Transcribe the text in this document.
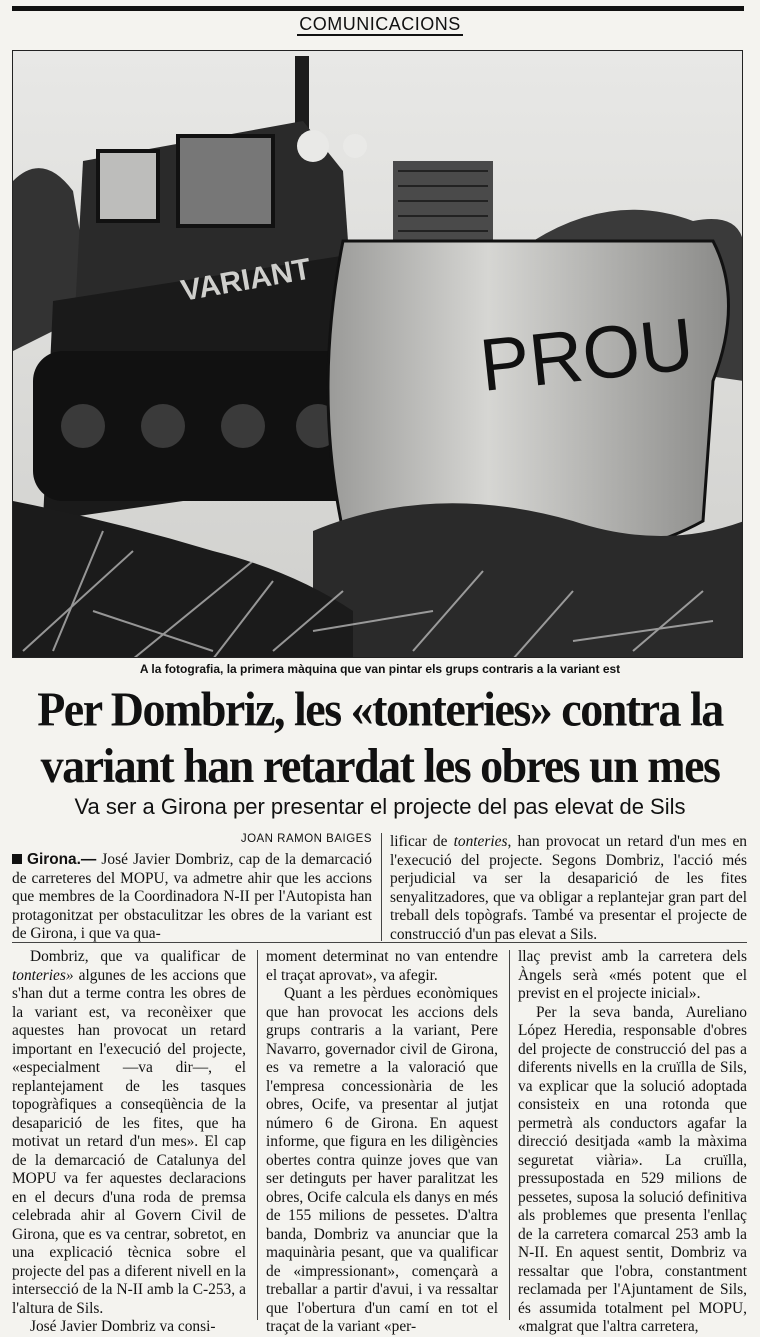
COMUNICACIONS
VARIANT
PROU
A la fotografia, la primera màquina que van pintar els grups contraris a la variant est
Per Dombriz, les «tonteries» contra la
variant han retardat les obres un mes
Va ser a Girona per presentar el projecte del pas elevat de Sils
JOAN RAMON BAIGES

Girona.— José Javier Dombriz, cap de la demarcació de carreteres del MOPU, va admetre ahir que les accions que membres de la Coordinadora N-II per l'Autopista han protagonitzat per obstaculitzar les obres de la variant est de Girona, i que va qua-

lificar de tonteries, han provocat un retard d'un mes en l'execució del projecte. Segons Dombriz, l'acció més perjudicial va ser la desaparició de les fites senyalitzadores, que va obligar a replantejar gran part del treball dels topògrafs. També va presentar el projecte de construcció d'un pas elevat a Sils.

Dombriz, que va qualificar de tonteries» algunes de les accions que s'han dut a terme contra les obres de la variant est, va reconèixer que aquestes han provocat un retard important en l'execució del projecte, «especialment —va dir—, el replantejament de les tasques topogràfiques a conseqüència de la desaparició de les fites, que ha motivat un retard d'un mes». El cap de la demarcació de Catalunya del MOPU va fer aquestes declaracions en el decurs d'una roda de premsa celebrada ahir al Govern Civil de Girona, que es va centrar, sobretot, en una explicació tècnica sobre el projecte del pas a diferent nivell en la intersecció de la N-II amb la C-253, a l'altura de Sils.

José Javier Dombriz va consi-

moment determinat no van entendre el traçat aprovat», va afegir.

Quant a les pèrdues econòmiques que han provocat les accions dels grups contraris a la variant, Pere Navarro, governador civil de Girona, es va remetre a la valoració que l'empresa concessionària de les obres, Ocife, va presentar al jutjat número 6 de Girona. En aquest informe, que figura en les diligències obertes contra quinze joves que van ser detinguts per haver paralitzat les obres, Ocife calcula els danys en més de 155 milions de pessetes. D'altra banda, Dombriz va anunciar que la maquinària pesant, que va qualificar de «impressionant», començarà a treballar a partir d'avui, i va ressaltar que l'obertura d'un camí en tot el traçat de la variant «per-

llaç previst amb la carretera dels Àngels serà «més potent que el previst en el projecte inicial».

Per la seva banda, Aureliano López Heredia, responsable d'obres del projecte de construcció del pas a diferents nivells en la cruïlla de Sils, va explicar que la solució adoptada consisteix en una rotonda que permetrà als conductors agafar la direcció desitjada «amb la màxima seguretat viària». La cruïlla, pressupostada en 529 milions de pessetes, suposa la solució definitiva als problemes que presenta l'enllaç de la carretera comarcal 253 amb la N-II. En aquest sentit, Dombriz va ressaltar que l'obra, constantment reclamada per l'Ajuntament de Sils, és assumida totalment pel MOPU, «malgrat que l'altra carretera,
